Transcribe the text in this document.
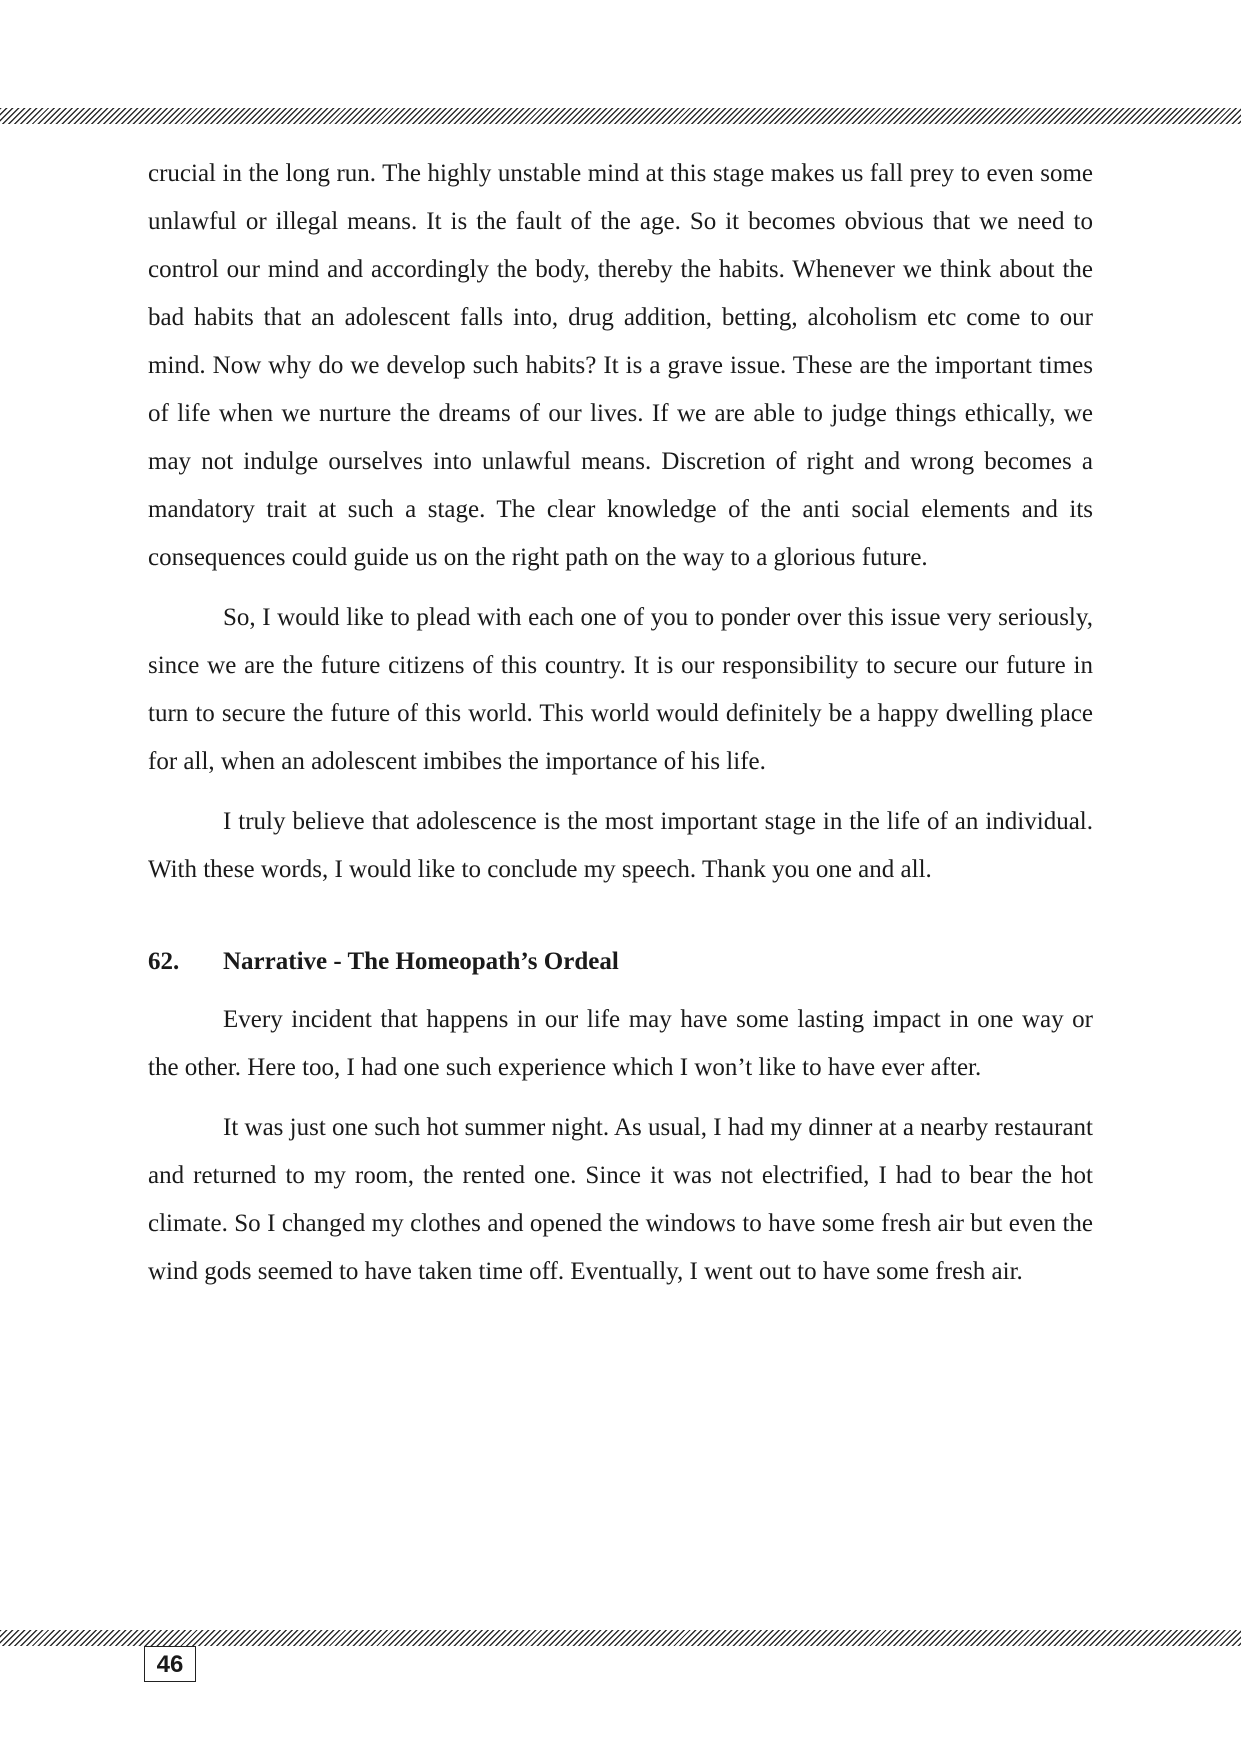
crucial in the long run. The highly unstable mind at this stage makes us fall prey to even some unlawful or illegal means. It is the fault of the age. So it becomes obvious that we need to control our mind and accordingly the body, thereby the habits. Whenever we think about the bad habits that an adolescent falls into, drug addition, betting, alcoholism etc come to our mind. Now why do we develop such habits? It is a grave issue. These are the important times of life when we nurture the dreams of our lives. If we are able to judge things ethically, we may not indulge ourselves into unlawful means. Discretion of right and wrong becomes a mandatory trait at such a stage. The clear knowledge of the anti social elements and its consequences could guide us on the right path on the way to a glorious future.

So, I would like to plead with each one of you to ponder over this issue very seriously, since we are the future citizens of this country. It is our responsibility to secure our future in turn to secure the future of this world. This world would definitely be a happy dwelling place for all, when an adolescent imbibes the importance of his life.

I truly believe that adolescence is the most important stage in the life of an individual. With these words, I would like to conclude my speech. Thank you one and all.

62.	Narrative - The Homeopath’s Ordeal

Every incident that happens in our life may have some lasting impact in one way or the other. Here too, I had one such experience which I won’t like to have ever after.

It was just one such hot summer night. As usual, I had my dinner at a nearby restaurant and returned to my room, the rented one. Since it was not electrified, I had to bear the hot climate. So I changed my clothes and opened the windows to have some fresh air but even the wind gods seemed to have taken time off. Eventually, I went out to have some fresh air.

46
